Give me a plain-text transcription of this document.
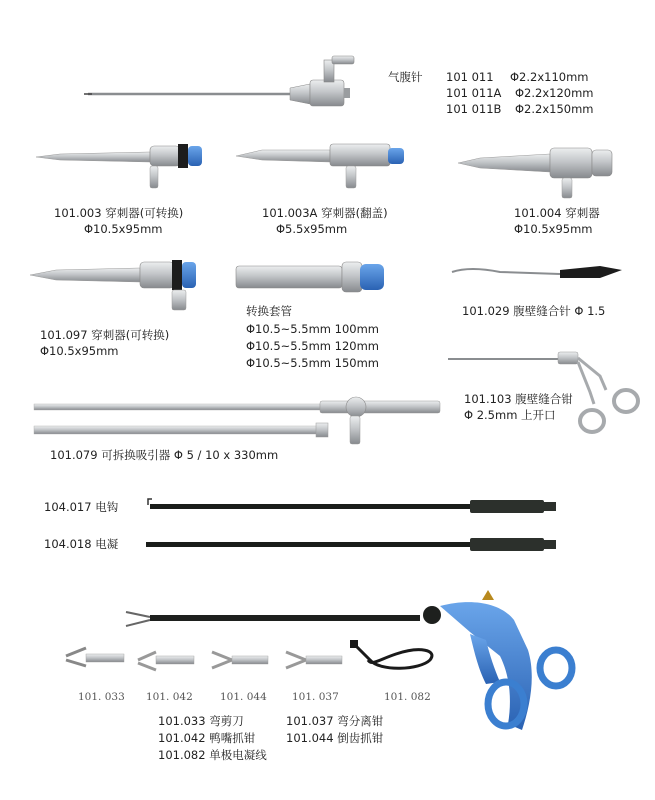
气腹针 101 011 Φ2.2x110mm
101 011A Φ2.2x120mm
101 011B Φ2.2x150mm
101.003 穿刺器(可转换)
Φ10.5x95mm
101.003A 穿刺器(翻盖)
Φ5.5x95mm
101.004 穿刺器
Φ10.5x95mm
101.097 穿刺器(可转换)
Φ10.5x95mm
转换套管
Φ10.5~5.5mm 100mm
Φ10.5~5.5mm 120mm
Φ10.5~5.5mm 150mm
101.029 腹壁缝合针 Φ 1.5
101.103 腹壁缝合钳
Φ 2.5mm 上开口
101.079 可拆换吸引器 Φ 5 / 10 x 330mm
104.017 电钩
104.018 电凝
101. 033 101. 042	101. 044 101. 037	101. 082
101.033 弯剪刀
101.042 鸭嘴抓钳
101.082 单极电凝线
101.037 弯分离钳
101.044 倒齿抓钳
